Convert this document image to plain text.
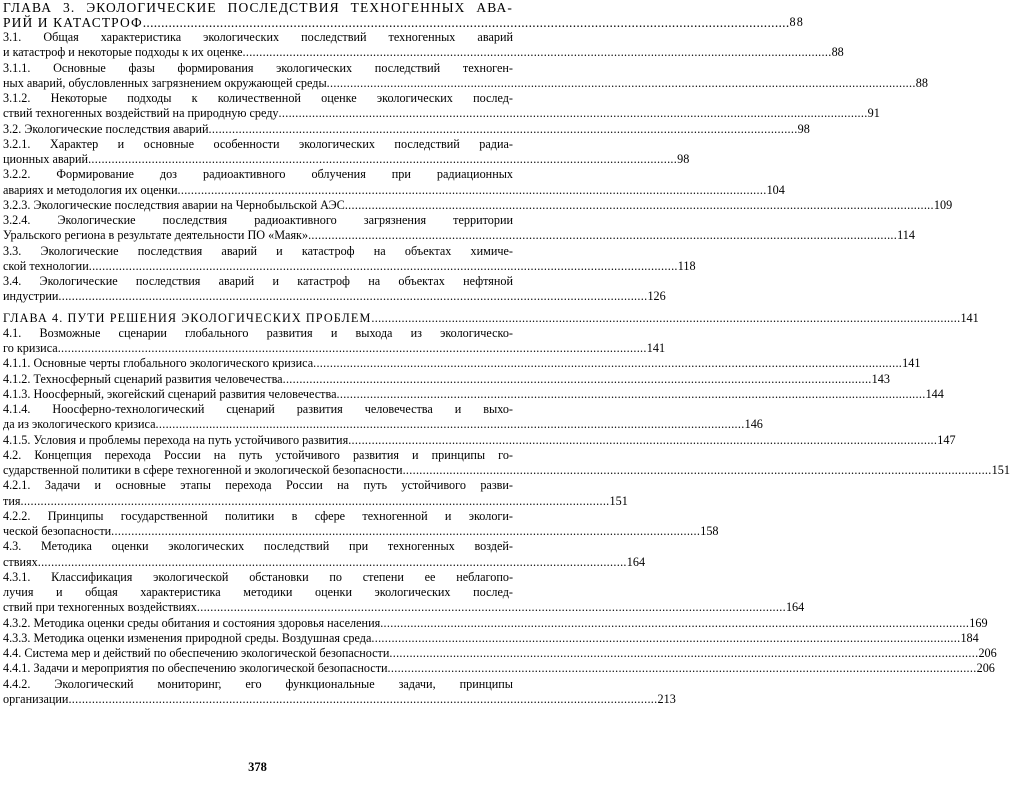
ГЛАВА 3. ЭКОЛОГИЧЕСКИЕ ПОСЛЕДСТВИЯ ТЕХНОГЕННЫХ АВА-
РИЙ И КАТАСТРОФ .....	88
3.1. Общая характеристика экологических последствий техногенных аварий
и катастроф и некоторые подходы к их оценке .....	88
3.1.1. Основные фазы формирования экологических последствий техноген-
ных аварий, обусловленных загрязнением окружающей среды .....	88
3.1.2. Некоторые подходы к количественной оценке экологических послед-
ствий техногенных воздействий на природную среду .....	91
3.2. Экологические последствия аварий .....	98
3.2.1. Характер и основные особенности экологических последствий радиа-
ционных аварий .....	98
3.2.2. Формирование доз радиоактивного облучения при радиационных
авариях и методология их оценки .....	104
3.2.3. Экологические последствия аварии на Чернобыльской АЭС .....	109
3.2.4. Экологические последствия радиоактивного загрязнения территории
Уральского региона в результате деятельности ПО «Маяк» .....	114
3.3. Экологические последствия аварий и катастроф на объектах химиче-
ской технологии .....	118
3.4. Экологические последствия аварий и катастроф на объектах нефтяной
индустрии .....	126
ГЛАВА 4. ПУТИ РЕШЕНИЯ ЭКОЛОГИЧЕСКИХ ПРОБЛЕМ .....	141
4.1. Возможные сценарии глобального развития и выхода из экологическо-
го кризиса .....	141
4.1.1. Основные черты глобального экологического кризиса .....	141
4.1.2. Техносферный сценарий развития человечества .....	143
4.1.3. Ноосферный, экогейский сценарий развития человечества .....	144
4.1.4. Ноосферно-технологический сценарий развития человечества и выхо-
да из экологического кризиса .....	146
4.1.5. Условия и проблемы перехода на путь устойчивого развития .....	147
4.2. Концепция перехода России на путь устойчивого развития и принципы го-
сударственной политики в сфере техногенной и экологической безопасности .....	151
4.2.1. Задачи и основные этапы перехода России на путь устойчивого разви-
тия .....	151
4.2.2. Принципы государственной политики в сфере техногенной и экологи-
ческой безопасности .....	158
4.3. Методика оценки экологических последствий при техногенных воздей-
ствиях .....	164
4.3.1. Классификация экологической обстановки по степени ее неблагопо-
лучия и общая характеристика методики оценки экологических послед-
ствий при техногенных воздействиях .....	164
4.3.2. Методика оценки среды обитания и состояния здоровья населения .....	169
4.3.3. Методика оценки изменения природной среды. Воздушная среда .....	184
4.4. Система мер и действий по обеспечению экологической безопасности .....	206
4.4.1. Задачи и мероприятия по обеспечению экологической безопасности .....	206
4.4.2. Экологический мониторинг, его функциональные задачи, принципы
организации .....	213
378
